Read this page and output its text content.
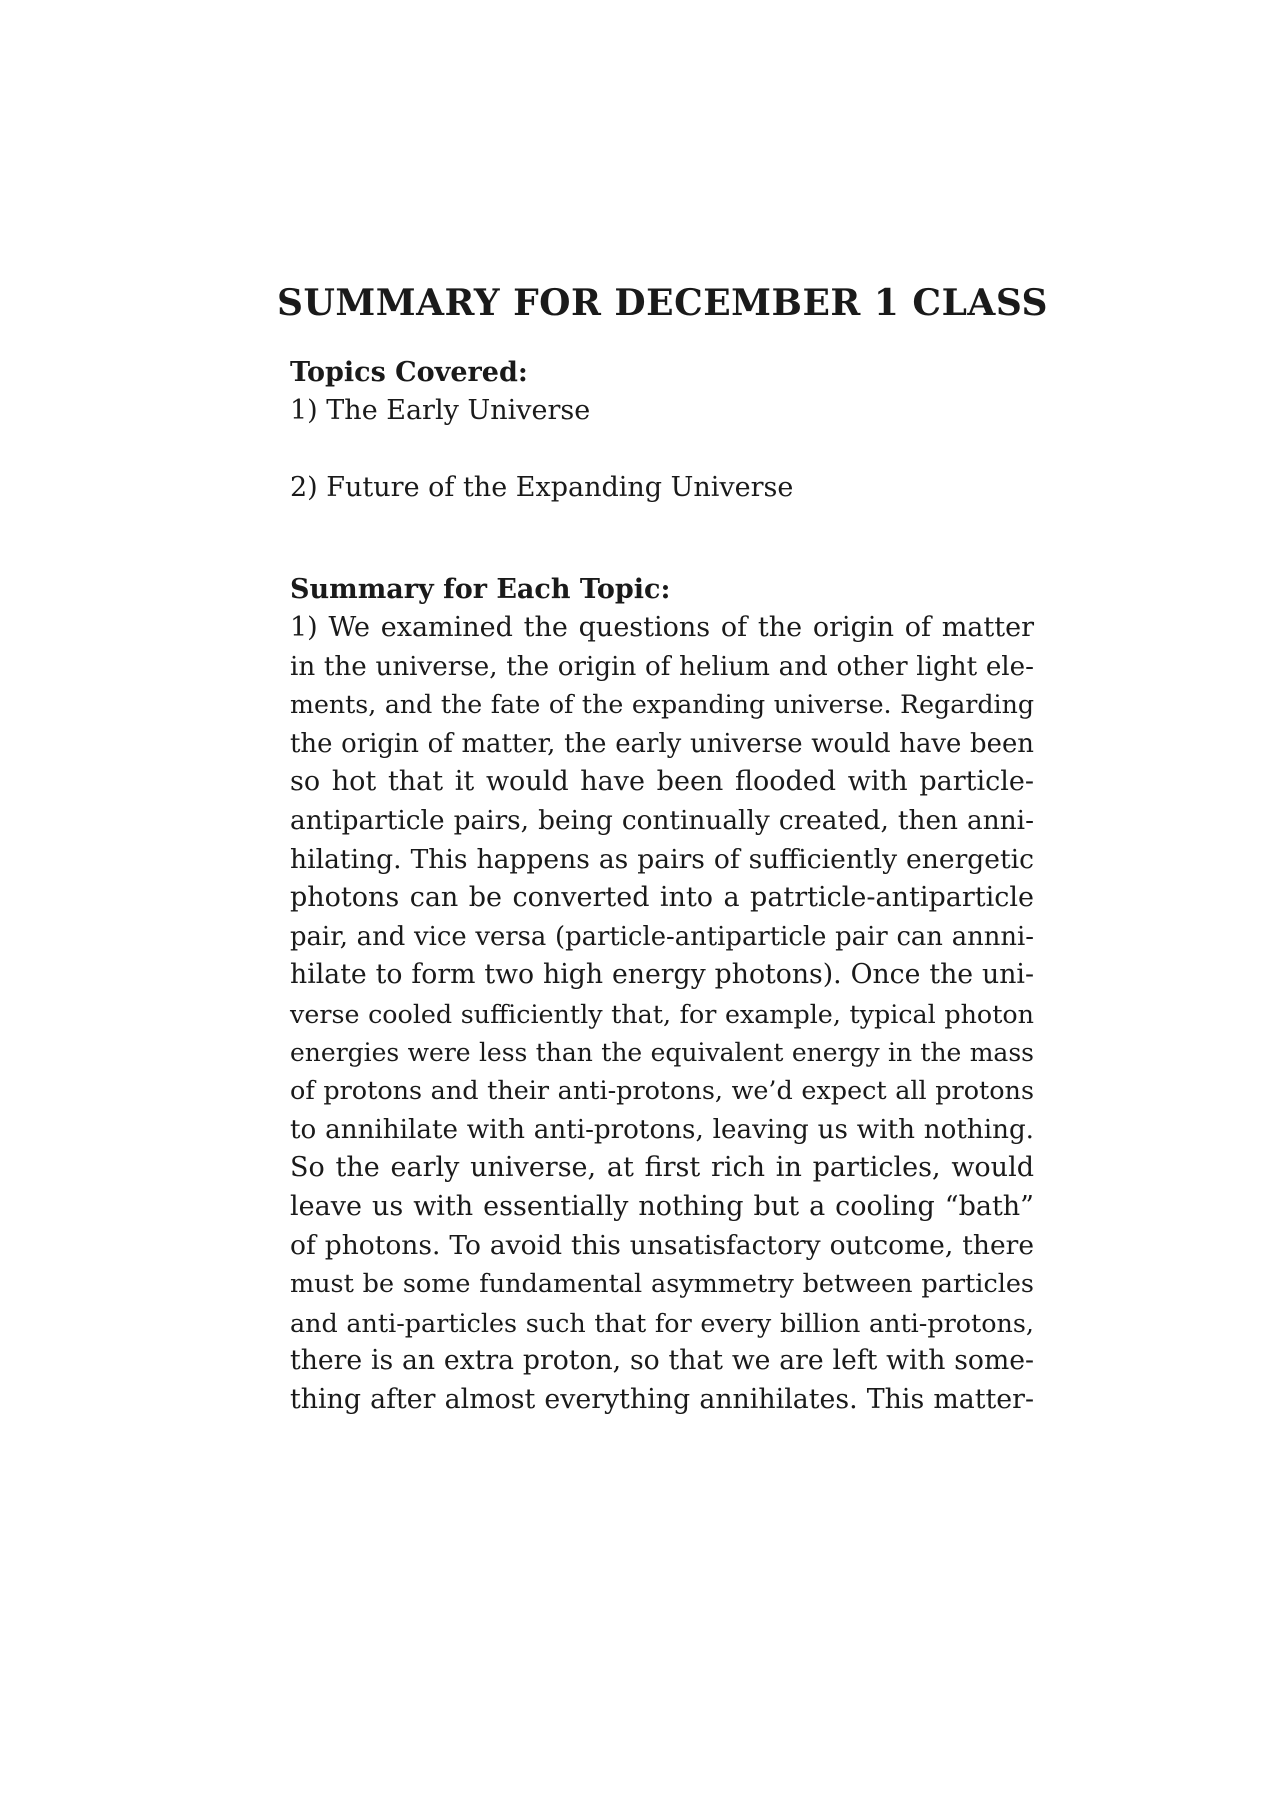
SUMMARY FOR DECEMBER 1 CLASS

Topics Covered:

1) The Early Universe

2) Future of the Expanding Universe

Summary for Each Topic:

1) We examined the questions of the origin of matter
in the universe, the origin of helium and other light ele-
ments, and the fate of the expanding universe. Regarding
the origin of matter, the early universe would have been
so hot that it would have been flooded with particle-
antiparticle pairs, being continually created, then anni-
hilating. This happens as pairs of sufficiently energetic
photons can be converted into a patrticle-antiparticle
pair, and vice versa (particle-antiparticle pair can annni-
hilate to form two high energy photons). Once the uni-
verse cooled sufficiently that, for example, typical photon
energies were less than the equivalent energy in the mass
of protons and their anti-protons, we’d expect all protons
to annihilate with anti-protons, leaving us with nothing.
So the early universe, at first rich in particles, would
leave us with essentially nothing but a cooling “bath”
of photons. To avoid this unsatisfactory outcome, there
must be some fundamental asymmetry between particles
and anti-particles such that for every billion anti-protons,
there is an extra proton, so that we are left with some-
thing after almost everything annihilates. This matter-
